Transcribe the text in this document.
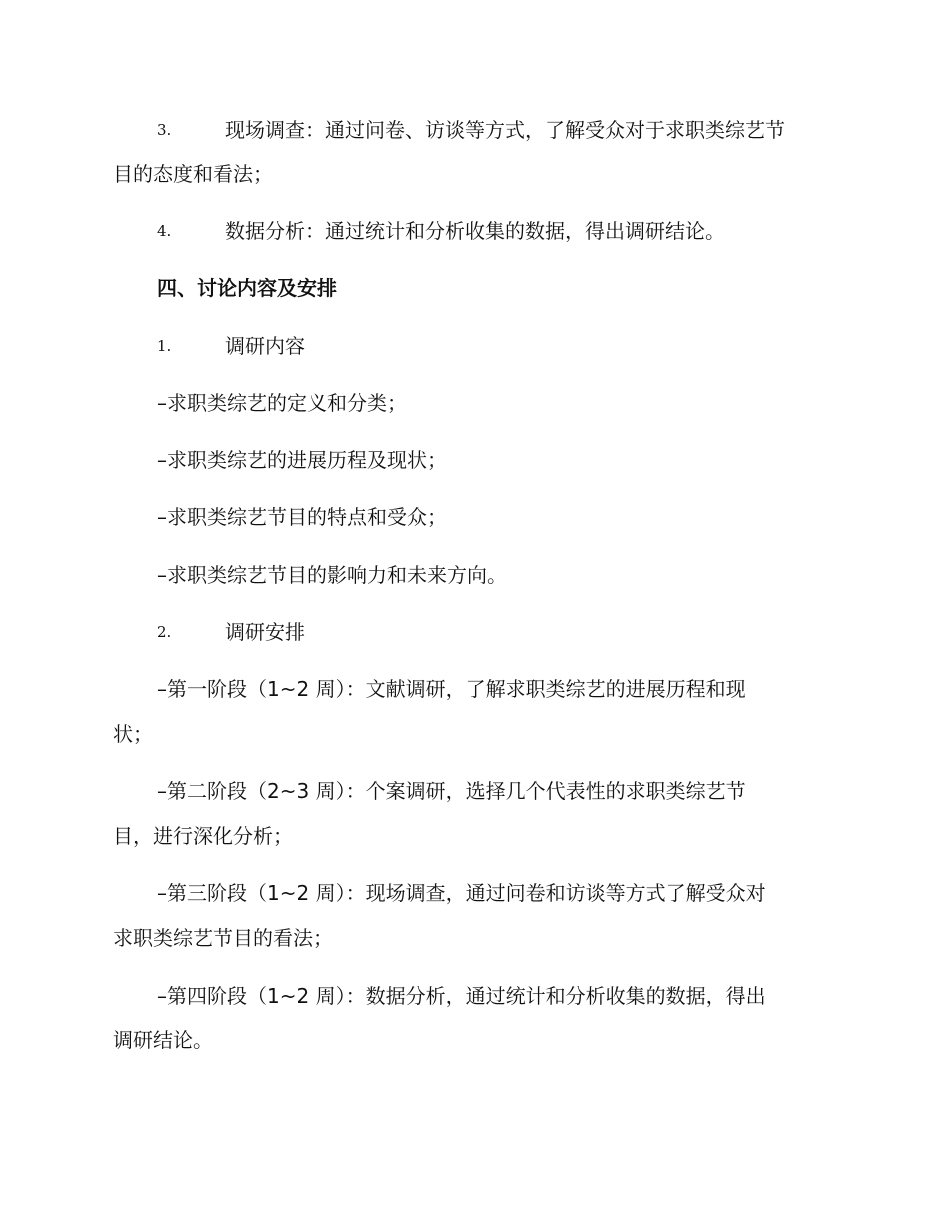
3.	现场调查：通过问卷、访谈等方式，了解受众对于求职类综艺节
目的态度和看法；
4.	数据分析：通过统计和分析收集的数据，得出调研结论。
四、讨论内容及安排
1.	调研内容
–求职类综艺的定义和分类；
–求职类综艺的进展历程及现状；
–求职类综艺节目的特点和受众；
–求职类综艺节目的影响力和未来方向。
2.	调研安排
–第一阶段（1~2 周）：文献调研，了解求职类综艺的进展历程和现
状；
–第二阶段（2~3 周）：个案调研，选择几个代表性的求职类综艺节
目，进行深化分析；
–第三阶段（1~2 周）：现场调查，通过问卷和访谈等方式了解受众对
求职类综艺节目的看法；
–第四阶段（1~2 周）：数据分析，通过统计和分析收集的数据，得出
调研结论。
